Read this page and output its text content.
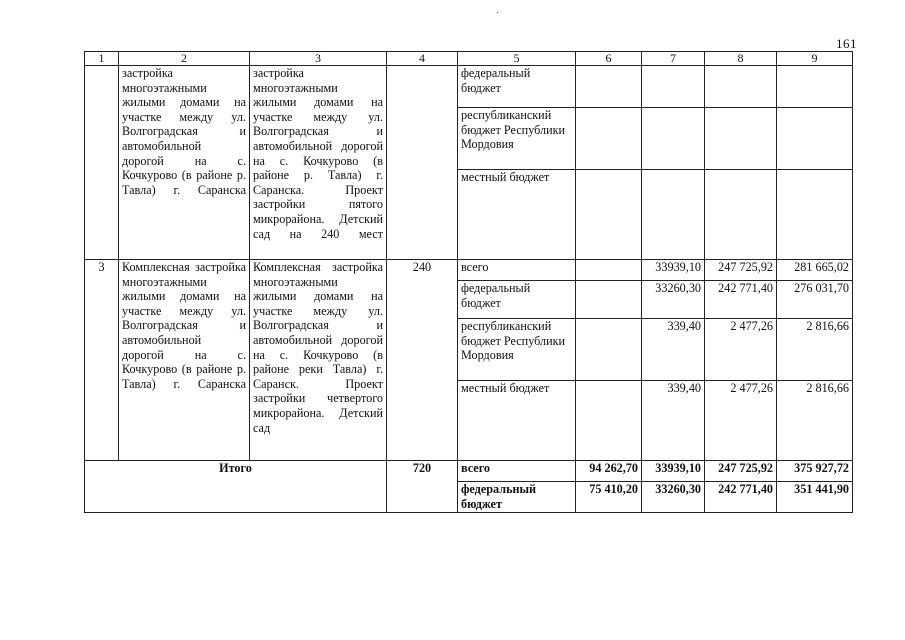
161
1	2	3	4	5	6	7	8	9
	застройка многоэтажными жилыми домами на участке между ул. Волгоградская и автомобильной дорогой на с. Кочкурово (в районе р. Тавла) г. Саранска	застройка многоэтажными жилыми домами на участке между ул. Волгоградская и автомобильной дорогой на с. Кочкурово (в районе р. Тавла) г. Саранска. Проект застройки пятого микрорайона. Детский сад на 240 мест		федеральный бюджет				
				республиканский бюджет Республики Мордовия				
				местный бюджет				
3	Комплексная застройка многоэтажными жилыми домами на участке между ул. Волгоградская и автомобильной дорогой на с. Кочкурово (в районе р. Тавла) г. Саранска	Комплексная застройка многоэтажными жилыми домами на участке между ул. Волгоградская и автомобильной дорогой на с. Кочкурово (в районе реки Тавла) г. Саранск. Проект застройки четвертого микрорайона. Детский сад	240	всего		33939,10	247 725,92	281 665,02
				федеральный бюджет		33260,30	242 771,40	276 031,70
				республиканский бюджет Республики Мордовия		339,40	2 477,26	2 816,66
				местный бюджет		339,40	2 477,26	2 816,66
Итого			720	всего	94 262,70	33939,10	247 725,92	375 927,72
				федеральный бюджет	75 410,20	33260,30	242 771,40	351 441,90
